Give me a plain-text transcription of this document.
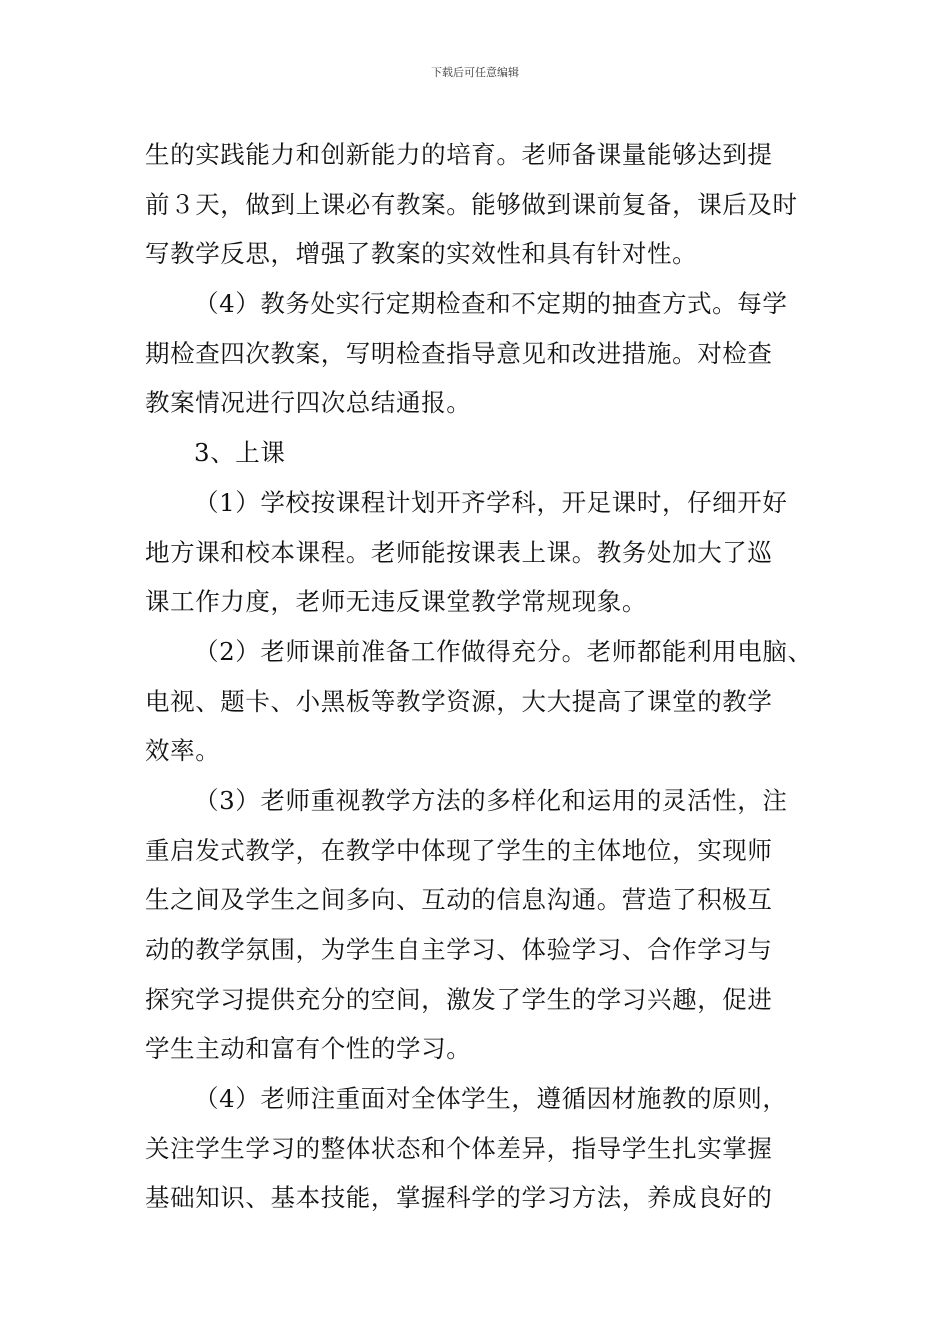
下载后可任意编辑
生的实践能力和创新能力的培育。老师备课量能够达到提
前３天，做到上课必有教案。能够做到课前复备，课后及时
写教学反思，增强了教案的实效性和具有针对性。
（4）教务处实行定期检查和不定期的抽查方式。每学
期检查四次教案，写明检查指导意见和改进措施。对检查
教案情况进行四次总结通报。
3、上课
（1）学校按课程计划开齐学科，开足课时，仔细开好
地方课和校本课程。老师能按课表上课。教务处加大了巡
课工作力度，老师无违反课堂教学常规现象。
（2）老师课前准备工作做得充分。老师都能利用电脑、
电视、题卡、小黑板等教学资源，大大提高了课堂的教学
效率。
（3）老师重视教学方法的多样化和运用的灵活性，注
重启发式教学，在教学中体现了学生的主体地位，实现师
生之间及学生之间多向、互动的信息沟通。营造了积极互
动的教学氛围，为学生自主学习、体验学习、合作学习与
探究学习提供充分的空间，激发了学生的学习兴趣，促进
学生主动和富有个性的学习。
（4）老师注重面对全体学生，遵循因材施教的原则，
关注学生学习的整体状态和个体差异，指导学生扎实掌握
基础知识、基本技能，掌握科学的学习方法，养成良好的
